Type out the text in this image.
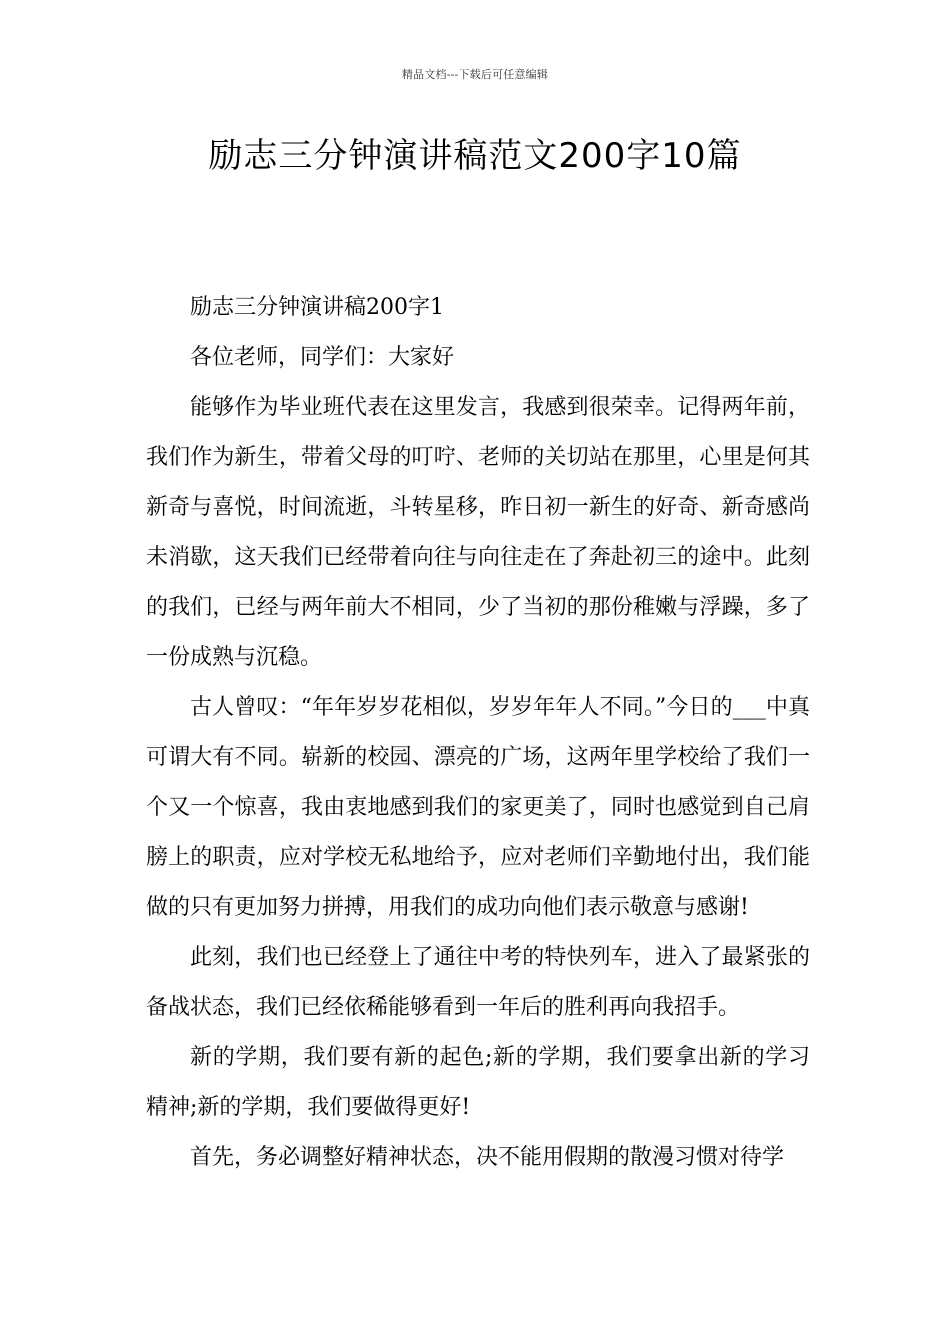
精品文档---下载后可任意编辑
励志三分钟演讲稿范文200字10篇

励志三分钟演讲稿200字1

各位老师，同学们：大家好

能够作为毕业班代表在这里发言，我感到很荣幸。记得两年前，我们作为新生，带着父母的叮咛、老师的关切站在那里，心里是何其新奇与喜悦，时间流逝，斗转星移，昨日初一新生的好奇、新奇感尚未消歇，这天我们已经带着向往与向往走在了奔赴初三的途中。此刻的我们，已经与两年前大不相同，少了当初的那份稚嫩与浮躁，多了一份成熟与沉稳。

古人曾叹：“年年岁岁花相似，岁岁年年人不同。”今日的___中真可谓大有不同。崭新的校园、漂亮的广场，这两年里学校给了我们一个又一个惊喜，我由衷地感到我们的家更美了，同时也感觉到自己肩膀上的职责，应对学校无私地给予，应对老师们辛勤地付出，我们能做的只有更加努力拼搏，用我们的成功向他们表示敬意与感谢!

此刻，我们也已经登上了通往中考的特快列车，进入了最紧张的备战状态，我们已经依稀能够看到一年后的胜利再向我招手。

新的学期，我们要有新的起色;新的学期，我们要拿出新的学习精神;新的学期，我们要做得更好!

首先，务必调整好精神状态，决不能用假期的散漫习惯对待学
